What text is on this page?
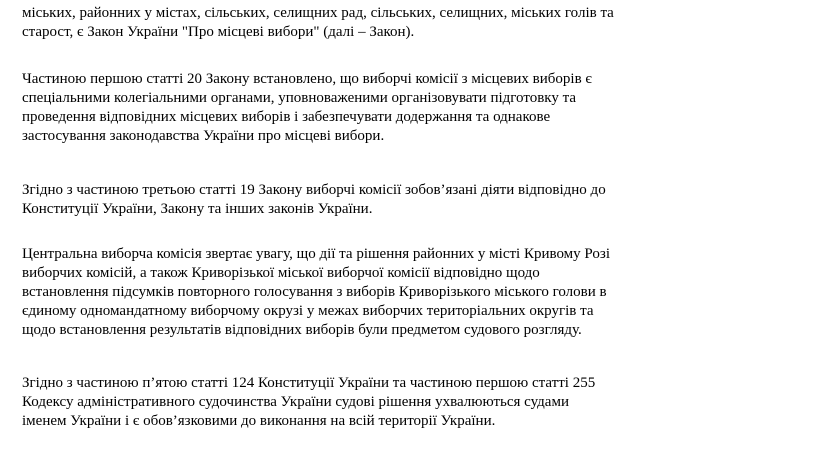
міських, районних у містах, сільських, селищних рад, сільських, селищних, міських голів та
старост, є Закон України "Про місцеві вибори" (далі – Закон).

Частиною першою статті 20 Закону встановлено, що виборчі комісії з місцевих виборів є
спеціальними колегіальними органами, уповноваженими організовувати підготовку та
проведення відповідних місцевих виборів і забезпечувати додержання та однакове
застосування законодавства України про місцеві вибори.

Згідно з частиною третьою статті 19 Закону виборчі комісії зобов’язані діяти відповідно до
Конституції України, Закону та інших законів України.

Центральна виборча комісія звертає увагу, що дії та рішення районних у місті Кривому Розі
виборчих комісій, а також Криворізької міської виборчої комісії відповідно щодо
встановлення підсумків повторного голосування з виборів Криворізького міського голови в
єдиному одномандатному виборчому окрузі у межах виборчих територіальних округів та
щодо встановлення результатів відповідних виборів були предметом судового розгляду.

Згідно з частиною п’ятою статті 124 Конституції України та частиною першою статті 255
Кодексу адміністративного судочинства України судові рішення ухвалюються судами
іменем України і є обов’язковими до виконання на всій території України.
